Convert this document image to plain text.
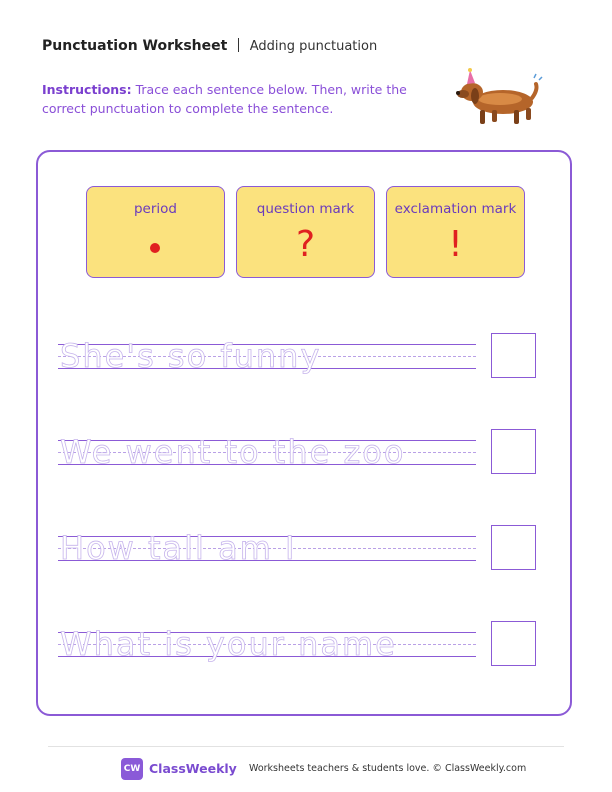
Punctuation Worksheet Adding punctuation
Instructions: Trace each sentence below. Then, write the correct punctuation to complete the sentence.
period	question mark
?
exclamation mark
!
She's so funny
We went to the zoo
How tall am I
What is your name
CW ClassWeekly Worksheets teachers & students love. © ClassWeekly.com
